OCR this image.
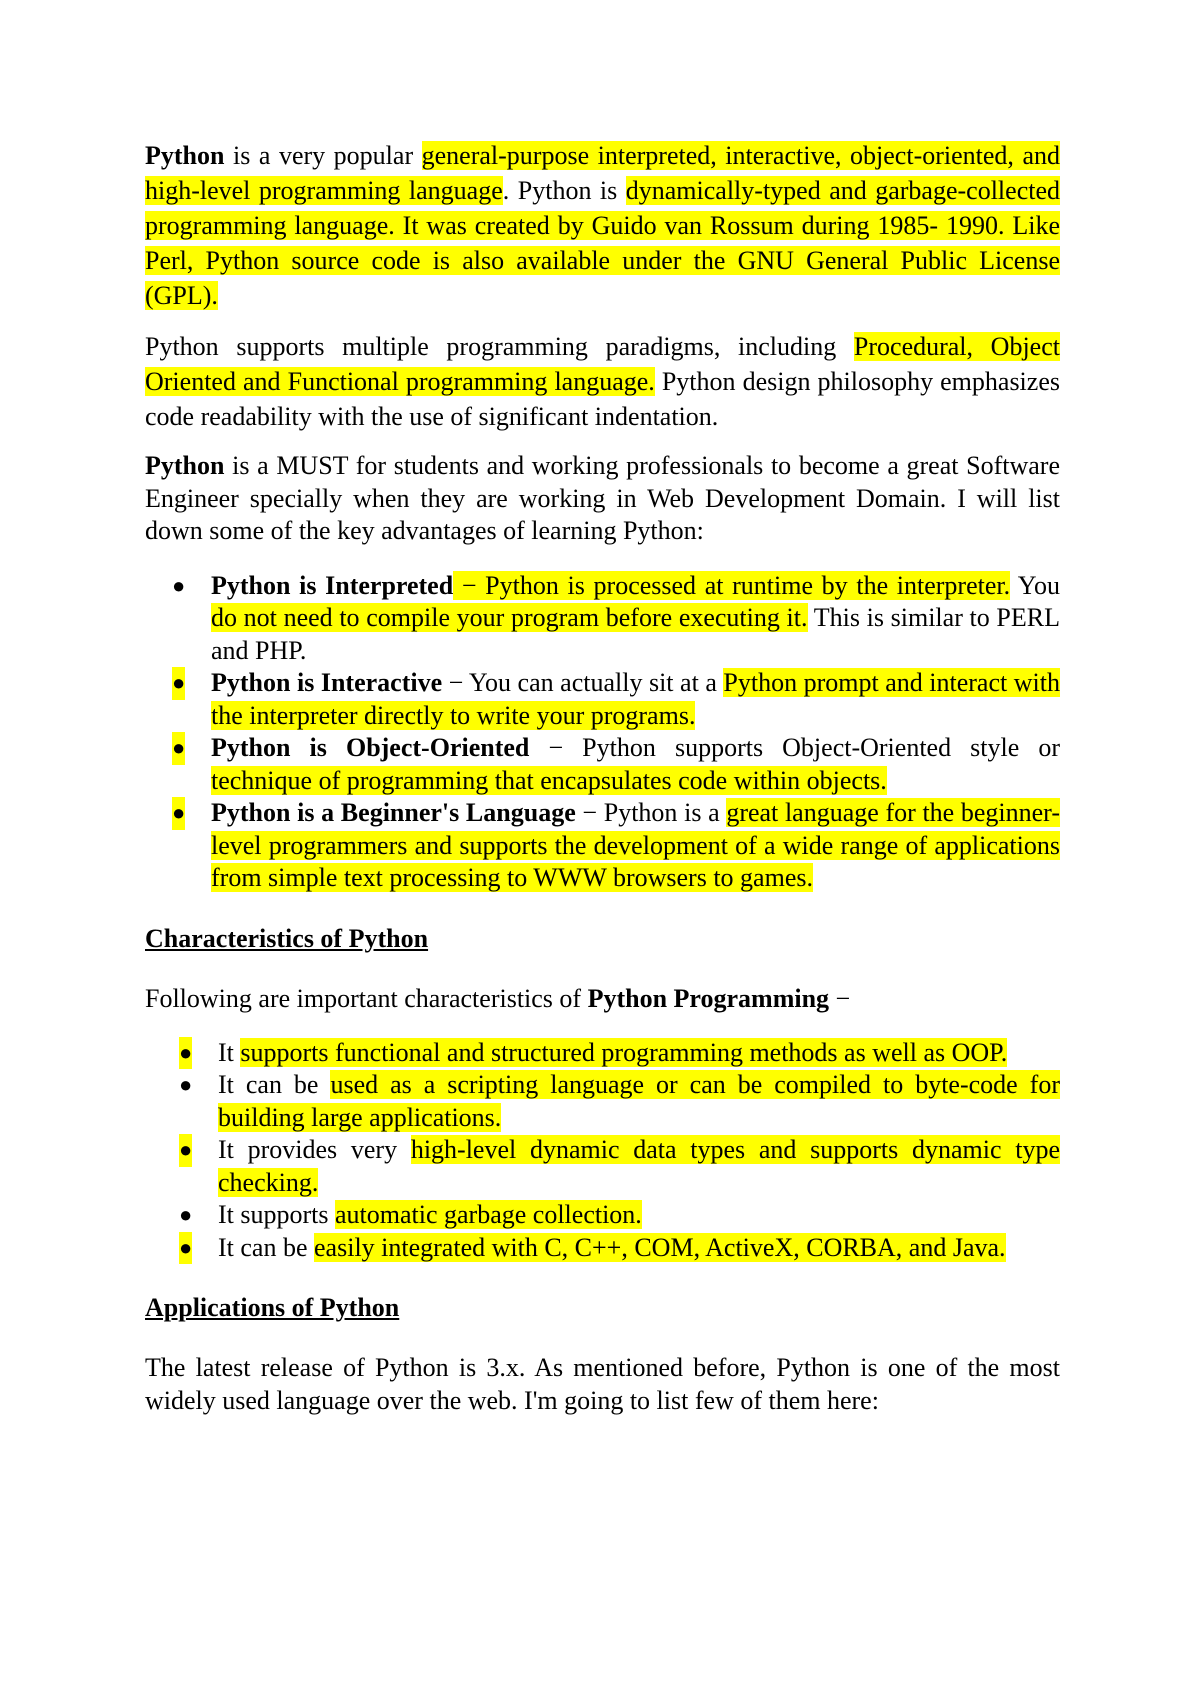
Python is a very popular general-purpose interpreted, interactive, object-oriented, and high-level programming language. Python is dynamically-typed and garbage-collected programming language. It was created by Guido van Rossum during 1985- 1990. Like Perl, Python source code is also available under the GNU General Public License (GPL).

Python supports multiple programming paradigms, including Procedural, Object Oriented and Functional programming language. Python design philosophy emphasizes code readability with the use of significant indentation.

Python is a MUST for students and working professionals to become a great Software Engineer specially when they are working in Web Development Domain. I will list down some of the key advantages of learning Python:

● Python is Interpreted − Python is processed at runtime by the interpreter. You do not need to compile your program before executing it. This is similar to PERL and PHP.
● Python is Interactive − You can actually sit at a Python prompt and interact with the interpreter directly to write your programs.
● Python is Object-Oriented − Python supports Object-Oriented style or technique of programming that encapsulates code within objects.
● Python is a Beginner's Language − Python is a great language for the beginner-level programmers and supports the development of a wide range of applications from simple text processing to WWW browsers to games.

Characteristics of Python

Following are important characteristics of Python Programming −

● It supports functional and structured programming methods as well as OOP.
● It can be used as a scripting language or can be compiled to byte-code for building large applications.
● It provides very high-level dynamic data types and supports dynamic type checking.
● It supports automatic garbage collection.
● It can be easily integrated with C, C++, COM, ActiveX, CORBA, and Java.

Applications of Python

The latest release of Python is 3.x. As mentioned before, Python is one of the most widely used language over the web. I'm going to list few of them here:
